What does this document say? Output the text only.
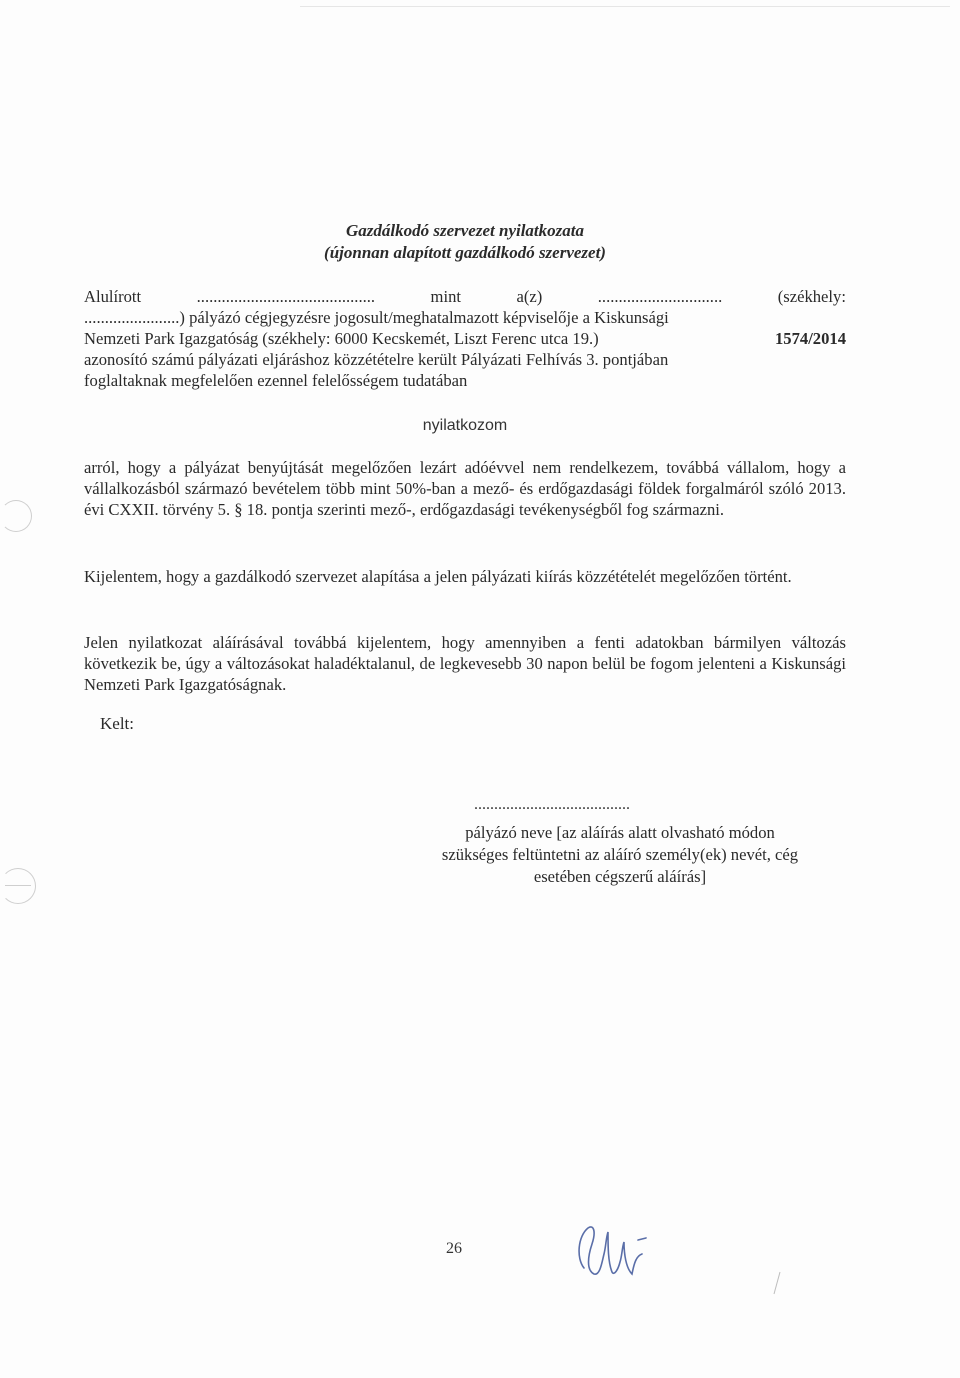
Gazdálkodó szervezet nyilatkozata
(újonnan alapított gazdálkodó szervezet)
Alulírott	...........................................	mint	a(z)	..............................	(székhely:
.......................) pályázó cégjegyzésre jogosult/meghatalmazott képviselője a Kiskunsági
Nemzeti Park Igazgatóság (székhely: 6000 Kecskemét, Liszt Ferenc utca 19.)	1574/2014
azonosító számú pályázati eljáráshoz közzétételre került Pályázati Felhívás 3. pontjában
foglaltaknak megfelelően ezennel felelősségem tudatában
nyilatkozom
arról, hogy a pályázat benyújtását megelőzően lezárt adóévvel nem rendelkezem, továbbá vállalom, hogy a vállalkozásból származó bevételem több mint 50%-ban a mező- és erdőgazdasági földek forgalmáról szóló 2013. évi CXXII. törvény 5. § 18. pontja szerinti mező-, erdőgazdasági tevékenységből fog származni.
Kijelentem, hogy a gazdálkodó szervezet alapítása a jelen pályázati kiírás közzétételét megelőzően történt.
Jelen nyilatkozat aláírásával továbbá kijelentem, hogy amennyiben a fenti adatokban bármilyen változás következik be, úgy a változásokat haladéktalanul, de legkevesebb 30 napon belül be fogom jelenteni a Kiskunsági Nemzeti Park Igazgatóságnak.
Kelt:
.......................................
pályázó neve [az aláírás alatt olvasható módon
szükséges feltüntetni az aláíró személy(ek) nevét, cég
esetében cégszerű aláírás]
26
